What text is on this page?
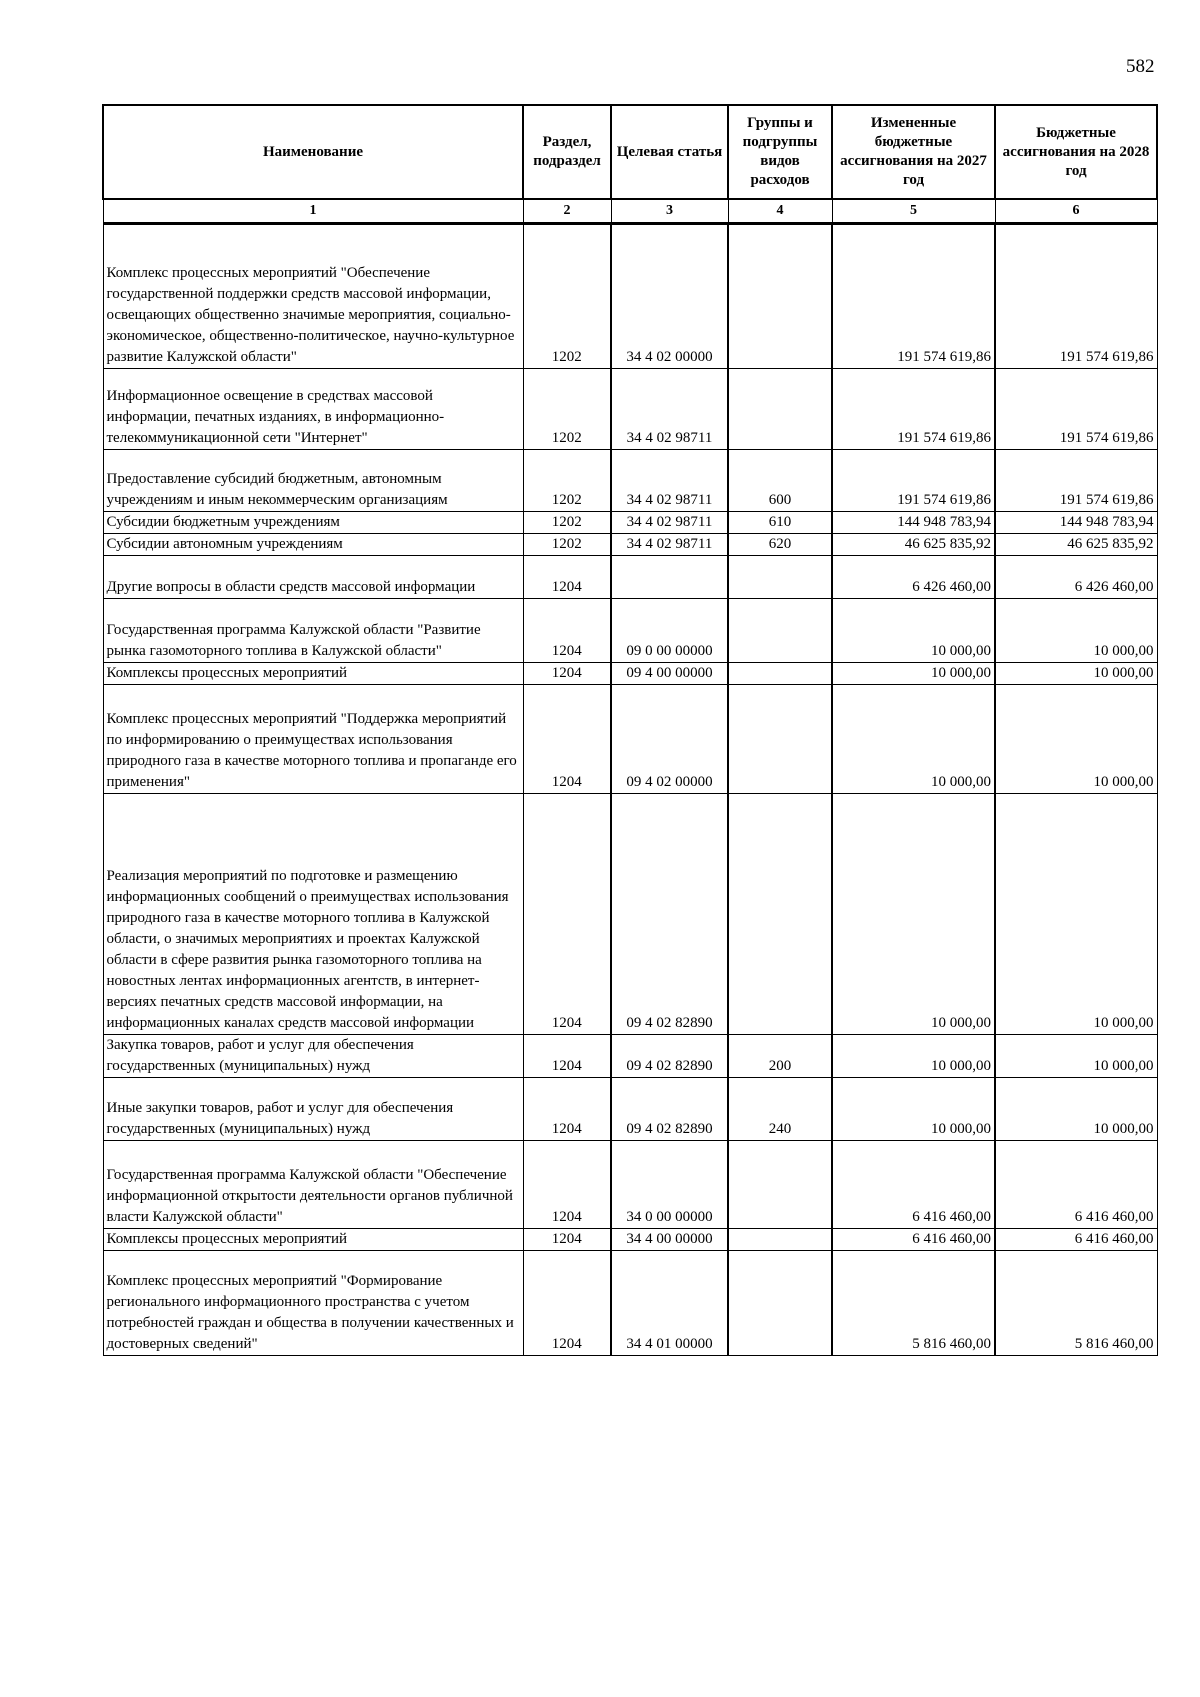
582
Наименование	Раздел, подраздел	Целевая статья	Группы и подгруппы видов расходов	Измененные бюджетные ассигнования на 2027 год	Бюджетные ассигнования на 2028 год
1	2	3	4	5	6
Комплекс процессных мероприятий "Обеспечение государственной поддержки средств массовой информации, освещающих общественно значимые мероприятия, социально-экономическое, общественно-политическое, научно-культурное развитие Калужской области"	1202	34 4 02 00000		191 574 619,86	191 574 619,86
Информационное освещение в средствах массовой информации, печатных изданиях, в информационно-телекоммуникационной сети "Интернет"	1202	34 4 02 98711		191 574 619,86	191 574 619,86
Предоставление субсидий бюджетным, автономным учреждениям и иным некоммерческим организациям	1202	34 4 02 98711	600	191 574 619,86	191 574 619,86
Субсидии бюджетным учреждениям	1202	34 4 02 98711	610	144 948 783,94	144 948 783,94
Субсидии автономным учреждениям	1202	34 4 02 98711	620	46 625 835,92	46 625 835,92
Другие вопросы в области средств массовой информации	1204			6 426 460,00	6 426 460,00
Государственная программа Калужской области "Развитие рынка газомоторного топлива в Калужской области"	1204	09 0 00 00000		10 000,00	10 000,00
Комплексы процессных мероприятий	1204	09 4 00 00000		10 000,00	10 000,00
Комплекс процессных мероприятий "Поддержка мероприятий по информированию о преимуществах использования природного газа в качестве моторного топлива и пропаганде его применения"	1204	09 4 02 00000		10 000,00	10 000,00
Реализация мероприятий по подготовке и размещению информационных сообщений о преимуществах использования природного газа в качестве моторного топлива в Калужской области, о значимых мероприятиях и проектах Калужской области в сфере развития рынка газомоторного топлива на новостных лентах информационных агентств, в интернет-версиях печатных средств массовой информации, на информационных каналах средств массовой информации	1204	09 4 02 82890		10 000,00	10 000,00
Закупка товаров, работ и услуг для обеспечения государственных (муниципальных) нужд	1204	09 4 02 82890	200	10 000,00	10 000,00
Иные закупки товаров, работ и услуг для обеспечения государственных (муниципальных) нужд	1204	09 4 02 82890	240	10 000,00	10 000,00
Государственная программа Калужской области "Обеспечение информационной открытости деятельности органов публичной власти Калужской области"	1204	34 0 00 00000		6 416 460,00	6 416 460,00
Комплексы процессных мероприятий	1204	34 4 00 00000		6 416 460,00	6 416 460,00
Комплекс процессных мероприятий "Формирование регионального информационного пространства с учетом потребностей граждан и общества в получении качественных и достоверных сведений"	1204	34 4 01 00000		5 816 460,00	5 816 460,00
